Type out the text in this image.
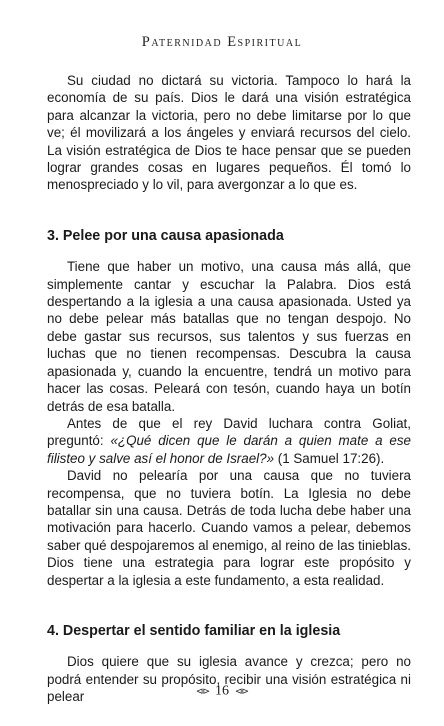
Paternidad Espiritual

Su ciudad no dictará su victoria. Tampoco lo hará la economía de su país. Dios le dará una visión estratégica para alcanzar la victoria, pero no debe limitarse por lo que ve; él movilizará a los ángeles y enviará recursos del cielo. La visión estratégica de Dios te hace pensar que se pueden lograr grandes cosas en lugares pequeños. Él tomó lo menospreciado y lo vil, para avergonzar a lo que es.

3. Pelee por una causa apasionada

Tiene que haber un motivo, una causa más allá, que simplemente cantar y escuchar la Palabra. Dios está despertando a la iglesia a una causa apasionada. Usted ya no debe pelear más batallas que no tengan despojo. No debe gastar sus recursos, sus talentos y sus fuerzas en luchas que no tienen recompensas. Descubra la causa apasionada y, cuando la encuentre, tendrá un motivo para hacer las cosas. Peleará con tesón, cuando haya un botín detrás de esa batalla.

Antes de que el rey David luchara contra Goliat, preguntó: «¿Qué dicen que le darán a quien mate a ese filisteo y salve así el honor de Israel?» (1 Samuel 17:26).

David no pelearía por una causa que no tuviera recompensa, que no tuviera botín. La Iglesia no debe batallar sin una causa. Detrás de toda lucha debe haber una motivación para hacerlo. Cuando vamos a pelear, debemos saber qué despojaremos al enemigo, al reino de las tinieblas. Dios tiene una estrategia para lograr este propósito y despertar a la iglesia a este fundamento, a esta realidad.

4. Despertar el sentido familiar en la iglesia

Dios quiere que su iglesia avance y crezca; pero no podrá entender su propósito, recibir una visión estratégica ni pelear	⊲⊳ 16 ⊲⊳
